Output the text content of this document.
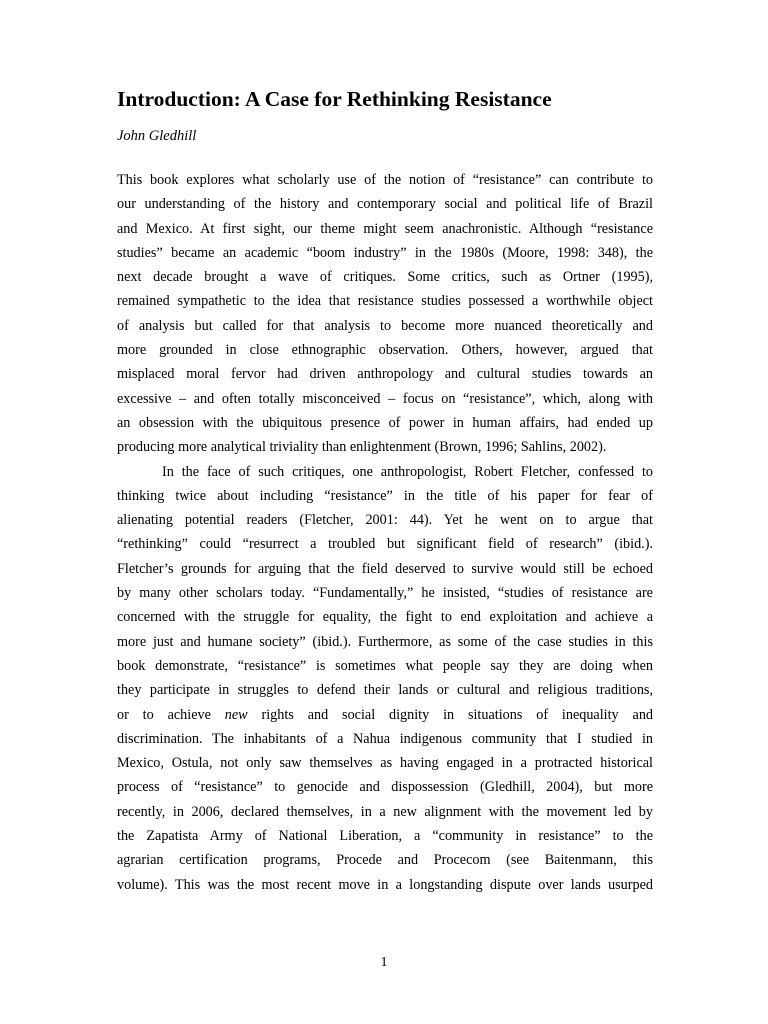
Introduction: A Case for Rethinking Resistance

John Gledhill

This book explores what scholarly use of the notion of “resistance” can contribute to
our understanding of the history and contemporary social and political life of Brazil
and Mexico. At first sight, our theme might seem anachronistic. Although “resistance
studies” became an academic “boom industry” in the 1980s (Moore, 1998: 348), the
next decade brought a wave of critiques. Some critics, such as Ortner (1995),
remained sympathetic to the idea that resistance studies possessed a worthwhile object
of analysis but called for that analysis to become more nuanced theoretically and
more grounded in close ethnographic observation. Others, however, argued that
misplaced moral fervor had driven anthropology and cultural studies towards an
excessive – and often totally misconceived – focus on “resistance”, which, along with
an obsession with the ubiquitous presence of power in human affairs, had ended up
producing more analytical triviality than enlightenment (Brown, 1996; Sahlins, 2002).
In the face of such critiques, one anthropologist, Robert Fletcher, confessed to
thinking twice about including “resistance” in the title of his paper for fear of
alienating potential readers (Fletcher, 2001: 44). Yet he went on to argue that
“rethinking” could “resurrect a troubled but significant field of research” (ibid.).
Fletcher’s grounds for arguing that the field deserved to survive would still be echoed
by many other scholars today. “Fundamentally,” he insisted, “studies of resistance are
concerned with the struggle for equality, the fight to end exploitation and achieve a
more just and humane society” (ibid.). Furthermore, as some of the case studies in this
book demonstrate, “resistance” is sometimes what people say they are doing when
they participate in struggles to defend their lands or cultural and religious traditions,
or to achieve new rights and social dignity in situations of inequality and
discrimination. The inhabitants of a Nahua indigenous community that I studied in
Mexico, Ostula, not only saw themselves as having engaged in a protracted historical
process of “resistance” to genocide and dispossession (Gledhill, 2004), but more
recently, in 2006, declared themselves, in a new alignment with the movement led by
the Zapatista Army of National Liberation, a “community in resistance” to the
agrarian certification programs, Procede and Procecom (see Baitenmann, this
volume). This was the most recent move in a longstanding dispute over lands usurped

1
